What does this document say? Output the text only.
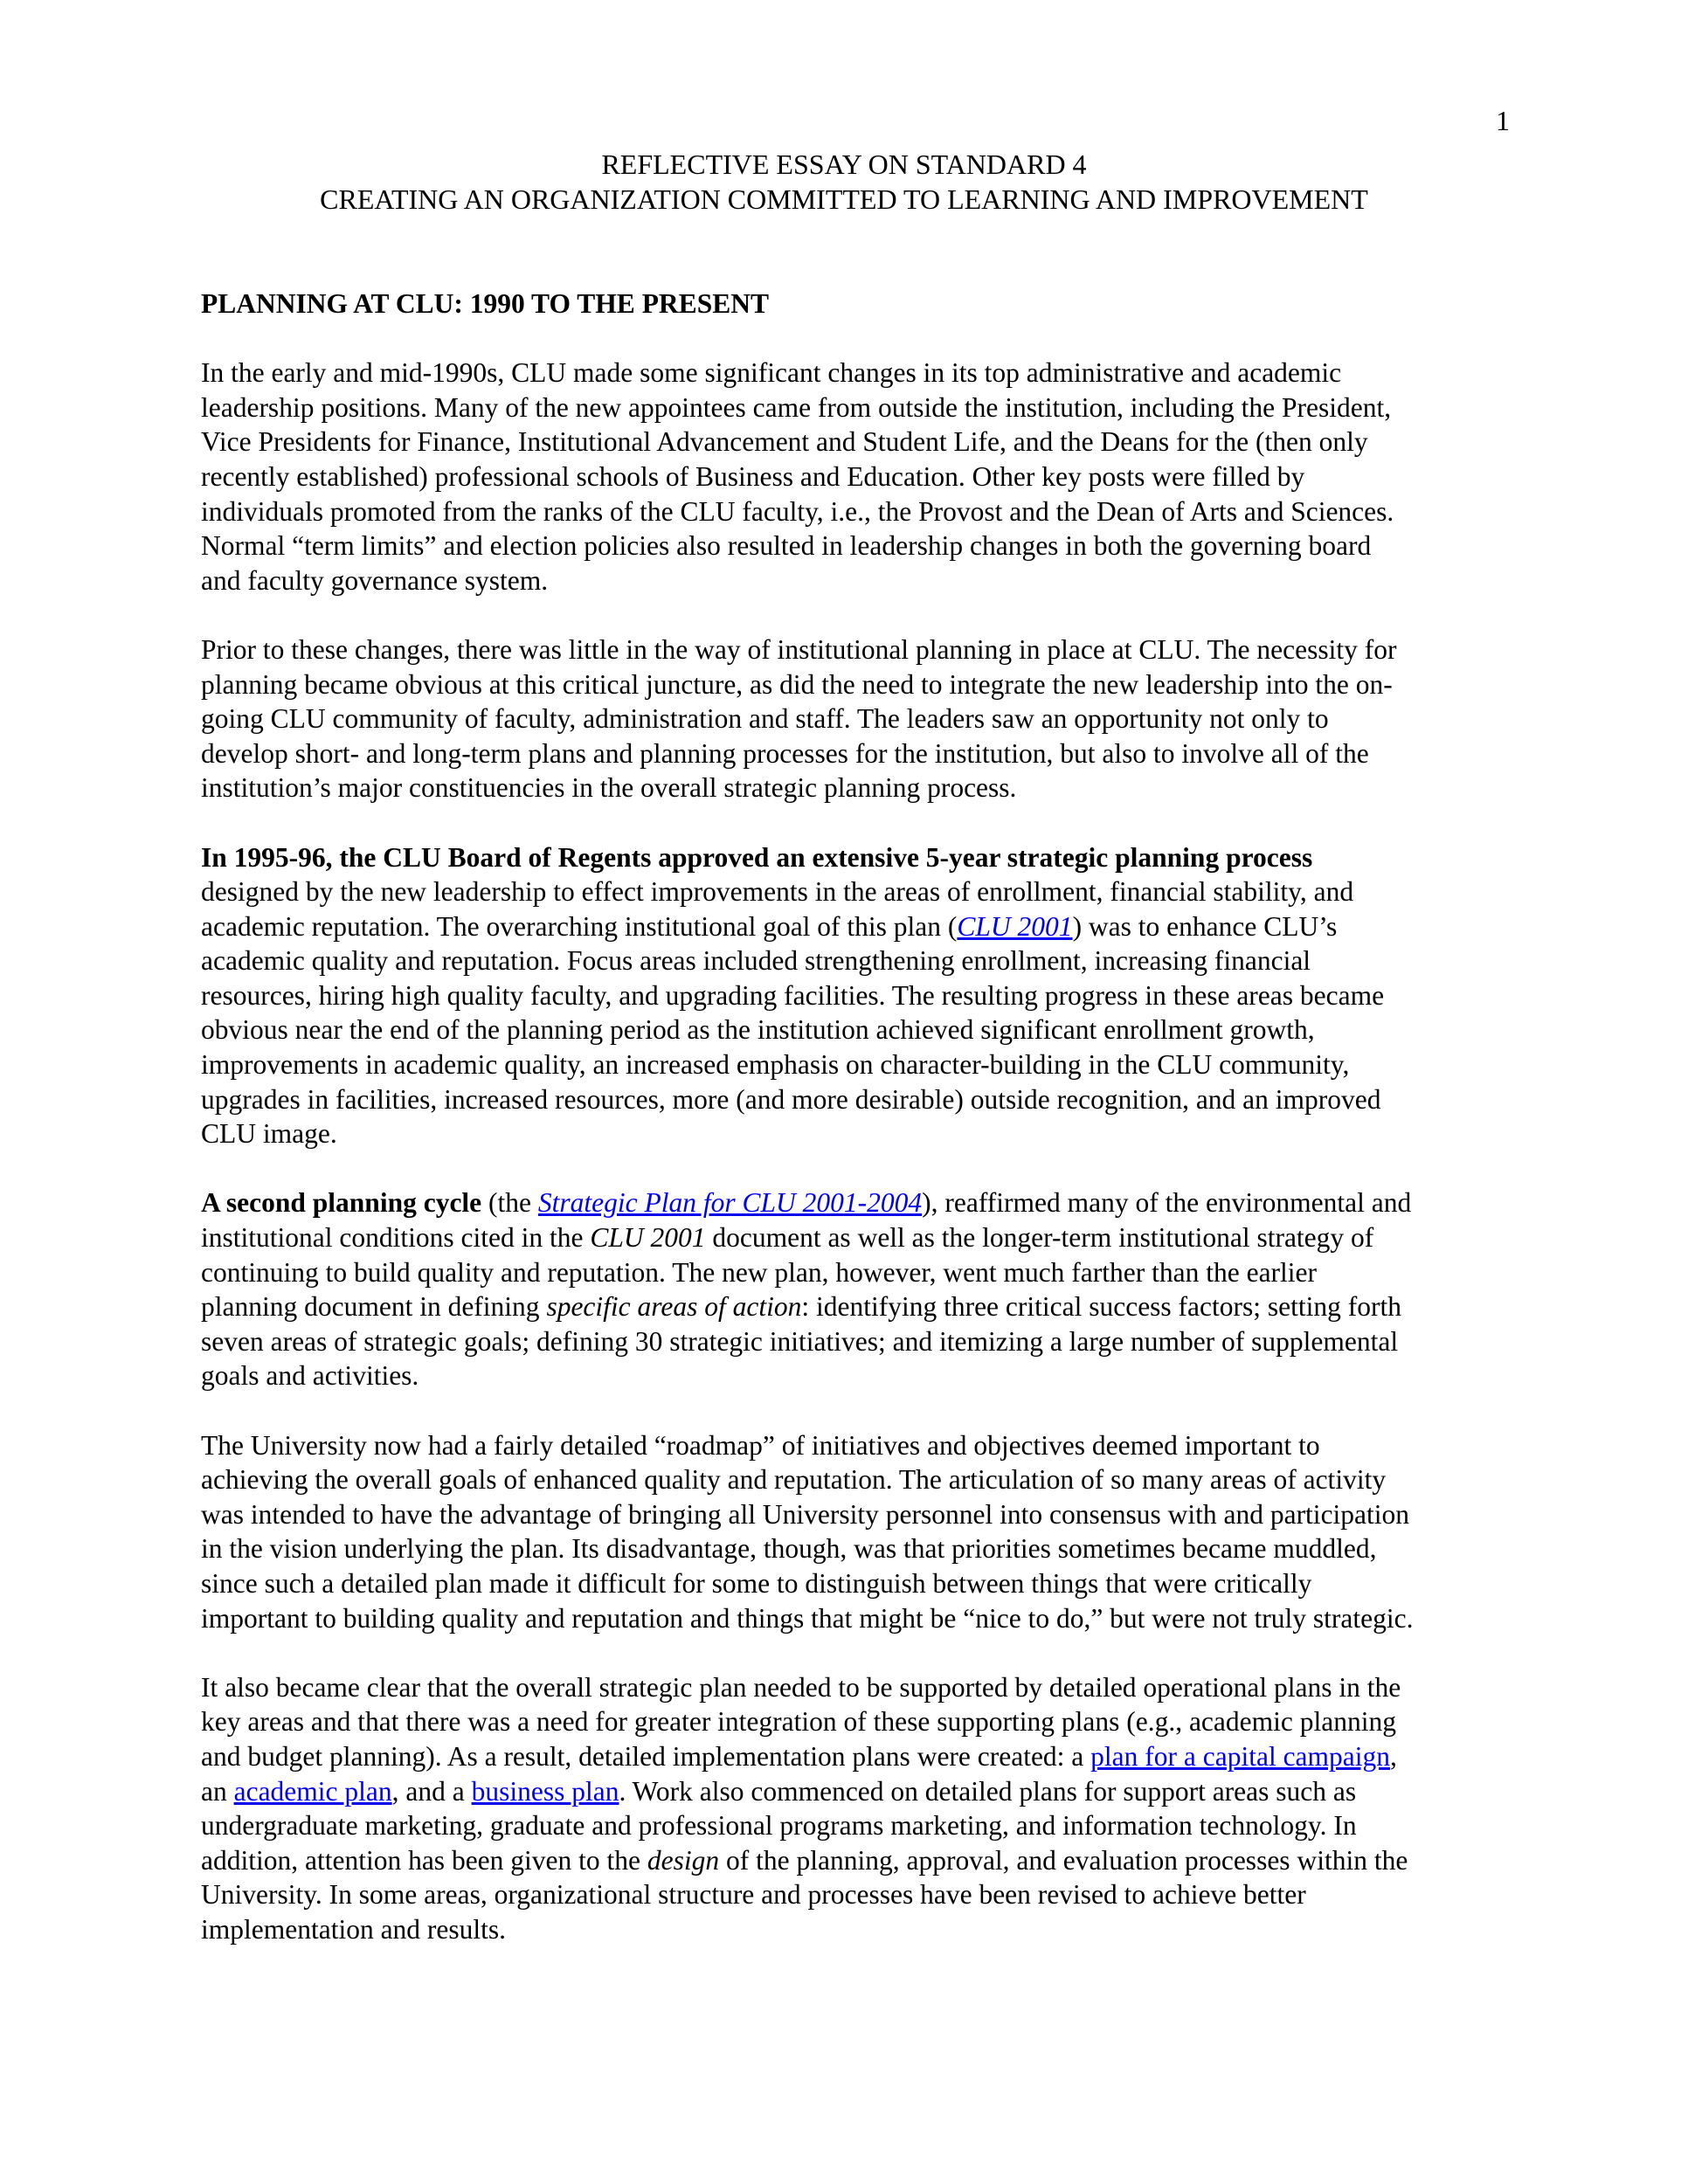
1
REFLECTIVE ESSAY ON STANDARD 4
CREATING AN ORGANIZATION COMMITTED TO LEARNING AND IMPROVEMENT
PLANNING AT CLU: 1990 TO THE PRESENT

In the early and mid-1990s, CLU made some significant changes in its top administrative and academic
leadership positions. Many of the new appointees came from outside the institution, including the President,
Vice Presidents for Finance, Institutional Advancement and Student Life, and the Deans for the (then only
recently established) professional schools of Business and Education. Other key posts were filled by
individuals promoted from the ranks of the CLU faculty, i.e., the Provost and the Dean of Arts and Sciences.
Normal “term limits” and election policies also resulted in leadership changes in both the governing board
and faculty governance system.

Prior to these changes, there was little in the way of institutional planning in place at CLU. The necessity for
planning became obvious at this critical juncture, as did the need to integrate the new leadership into the on-
going CLU community of faculty, administration and staff. The leaders saw an opportunity not only to
develop short- and long-term plans and planning processes for the institution, but also to involve all of the
institution’s major constituencies in the overall strategic planning process.

In 1995-96, the CLU Board of Regents approved an extensive 5-year strategic planning process
designed by the new leadership to effect improvements in the areas of enrollment, financial stability, and
academic reputation. The overarching institutional goal of this plan (CLU 2001) was to enhance CLU’s
academic quality and reputation. Focus areas included strengthening enrollment, increasing financial
resources, hiring high quality faculty, and upgrading facilities. The resulting progress in these areas became
obvious near the end of the planning period as the institution achieved significant enrollment growth,
improvements in academic quality, an increased emphasis on character-building in the CLU community,
upgrades in facilities, increased resources, more (and more desirable) outside recognition, and an improved
CLU image.

A second planning cycle (the Strategic Plan for CLU 2001-2004), reaffirmed many of the environmental and
institutional conditions cited in the CLU 2001 document as well as the longer-term institutional strategy of
continuing to build quality and reputation. The new plan, however, went much farther than the earlier
planning document in defining specific areas of action: identifying three critical success factors; setting forth
seven areas of strategic goals; defining 30 strategic initiatives; and itemizing a large number of supplemental
goals and activities.

The University now had a fairly detailed “roadmap” of initiatives and objectives deemed important to
achieving the overall goals of enhanced quality and reputation. The articulation of so many areas of activity
was intended to have the advantage of bringing all University personnel into consensus with and participation
in the vision underlying the plan. Its disadvantage, though, was that priorities sometimes became muddled,
since such a detailed plan made it difficult for some to distinguish between things that were critically
important to building quality and reputation and things that might be “nice to do,” but were not truly strategic.

It also became clear that the overall strategic plan needed to be supported by detailed operational plans in the
key areas and that there was a need for greater integration of these supporting plans (e.g., academic planning
and budget planning). As a result, detailed implementation plans were created: a plan for a capital campaign,
an academic plan, and a business plan. Work also commenced on detailed plans for support areas such as
undergraduate marketing, graduate and professional programs marketing, and information technology. In
addition, attention has been given to the design of the planning, approval, and evaluation processes within the
University. In some areas, organizational structure and processes have been revised to achieve better
implementation and results.
